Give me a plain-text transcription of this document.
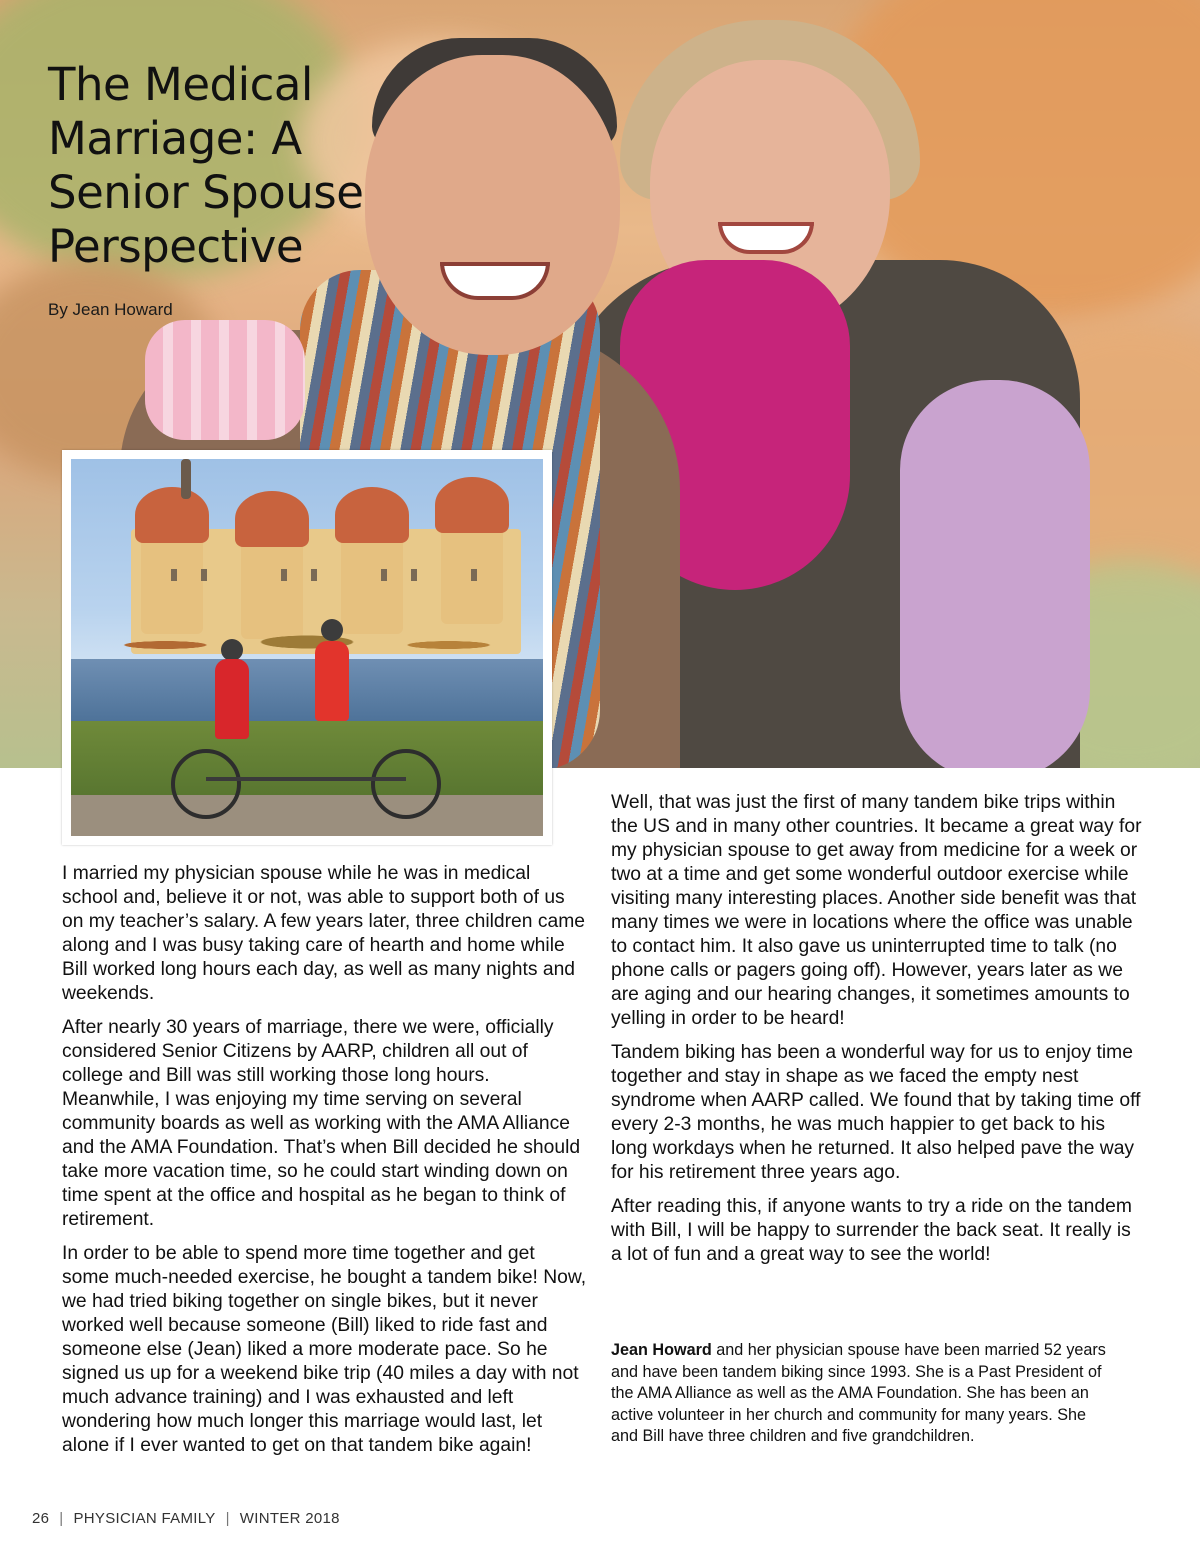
The Medical Marriage: A Senior Spouse Perspective
By Jean Howard

I married my physician spouse while he was in medical school and, believe it or not, was able to support both of us on my teacher’s salary. A few years later, three children came along and I was busy taking care of hearth and home while Bill worked long hours each day, as well as many nights and weekends.

After nearly 30 years of marriage, there we were, officially considered Senior Citizens by AARP, children all out of college and Bill was still working those long hours. Meanwhile, I was enjoying my time serving on several community boards as well as working with the AMA Alliance and the AMA Foundation. That’s when Bill decided he should take more vacation time, so he could start winding down on time spent at the office and hospital as he began to think of retirement.

In order to be able to spend more time together and get some much-needed exercise, he bought a tandem bike! Now, we had tried biking together on single bikes, but it never worked well because someone (Bill) liked to ride fast and someone else (Jean) liked a more moderate pace. So he signed us up for a weekend bike trip (40 miles a day with not much advance training) and I was exhausted and left wondering how much longer this marriage would last, let alone if I ever wanted to get on that tandem bike again!

Well, that was just the first of many tandem bike trips within the US and in many other countries. It became a great way for my physician spouse to get away from medicine for a week or two at a time and get some wonderful outdoor exercise while visiting many interesting places. Another side benefit was that many times we were in locations where the office was unable to contact him. It also gave us uninterrupted time to talk (no phone calls or pagers going off). However, years later as we are aging and our hearing changes, it sometimes amounts to yelling in order to be heard!

Tandem biking has been a wonderful way for us to enjoy time together and stay in shape as we faced the empty nest syndrome when AARP called. We found that by taking time off every 2-3 months, he was much happier to get back to his long workdays when he returned. It also helped pave the way for his retirement three years ago.

After reading this, if anyone wants to try a ride on the tandem with Bill, I will be happy to surrender the back seat. It really is a lot of fun and a great way to see the world!

Jean Howard and her physician spouse have been married 52 years and have been tandem biking since 1993. She is a Past President of the AMA Alliance as well as the AMA Foundation. She has been an active volunteer in her church and community for many years. She and Bill have three children and five grandchildren.
26 | PHYSICIAN FAMILY | WINTER 2018
